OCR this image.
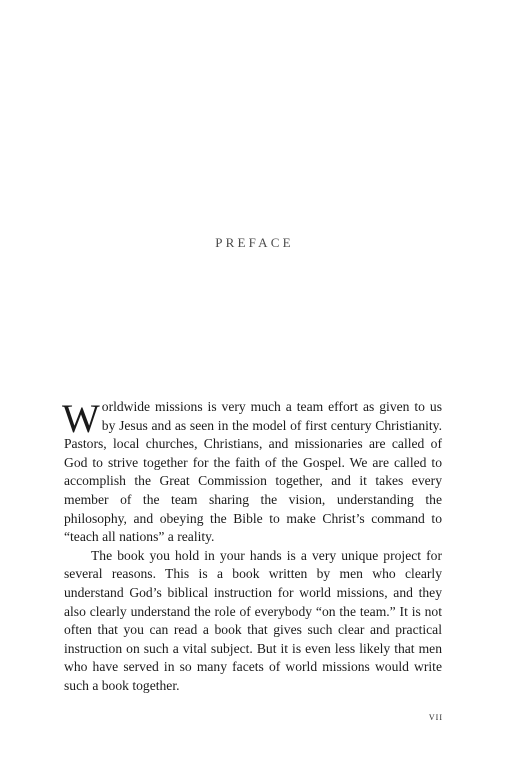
PREFACE

Worldwide missions is very much a team effort as given to us by Jesus and as seen in the model of first century Christianity. Pastors, local churches, Christians, and missionaries are called of God to strive together for the faith of the Gospel. We are called to accomplish the Great Commission together, and it takes every member of the team sharing the vision, understanding the philosophy, and obeying the Bible to make Christ’s command to “teach all nations” a reality.

The book you hold in your hands is a very unique project for several reasons. This is a book written by men who clearly understand God’s biblical instruction for world missions, and they also clearly understand the role of everybody “on the team.” It is not often that you can read a book that gives such clear and practical instruction on such a vital subject. But it is even less likely that men who have served in so many facets of world missions would write such a book together.

vii
